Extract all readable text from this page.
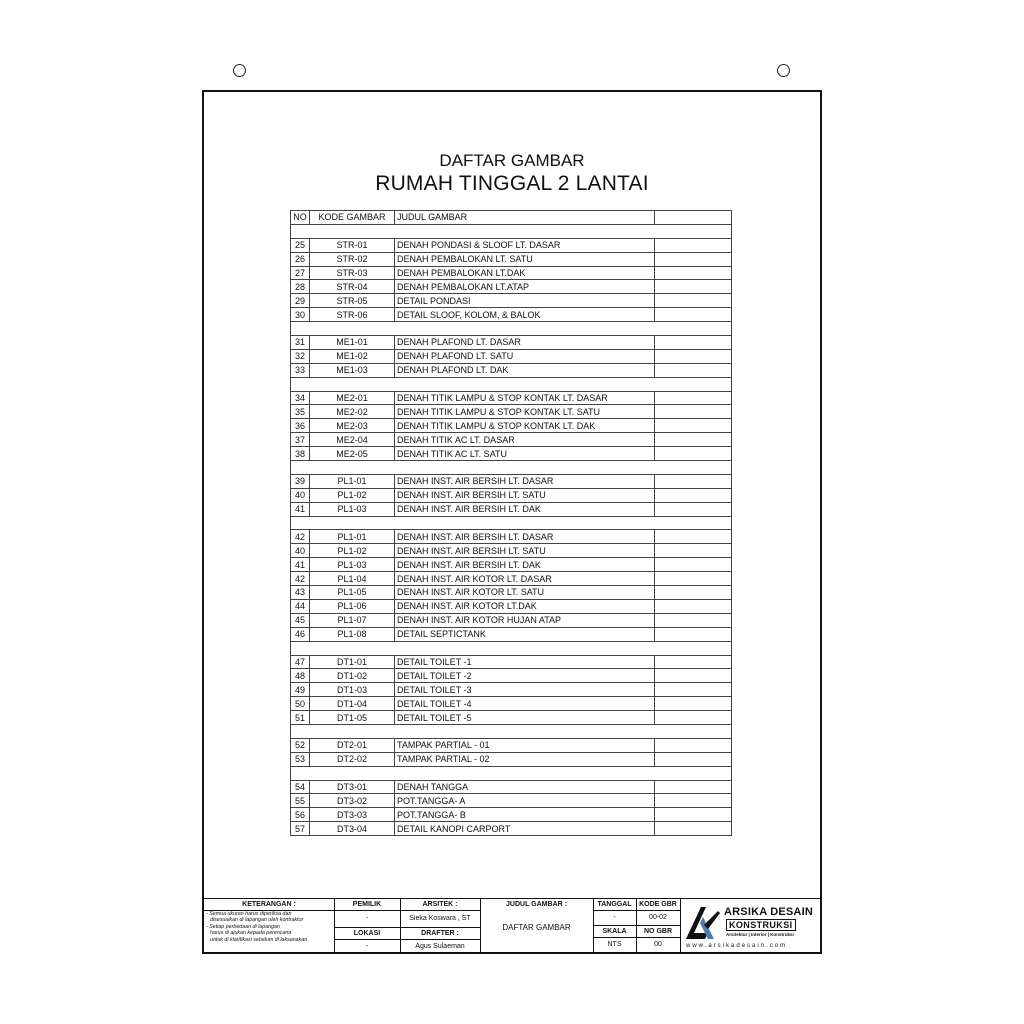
DAFTAR GAMBAR
RUMAH TINGGAL 2 LANTAI
NO	KODE GAMBAR	JUDUL GAMBAR	

25	STR-01	DENAH PONDASI & SLOOF LT. DASAR	
26	STR-02	DENAH PEMBALOKAN LT. SATU	
27	STR-03	DENAH PEMBALOKAN LT.DAK	
28	STR-04	DENAH PEMBALOKAN LT.ATAP	
29	STR-05	DETAIL PONDASI	
30	STR-06	DETAIL SLOOF, KOLOM, & BALOK	

31	ME1-01	DENAH PLAFOND LT. DASAR	
32	ME1-02	DENAH PLAFOND LT. SATU	
33	ME1-03	DENAH PLAFOND LT. DAK	

34	ME2-01	DENAH TITIK LAMPU & STOP KONTAK LT. DASAR	
35	ME2-02	DENAH TITIK LAMPU & STOP KONTAK LT. SATU	
36	ME2-03	DENAH TITIK LAMPU & STOP KONTAK LT. DAK	
37	ME2-04	DENAH TITIK AC LT. DASAR	
38	ME2-05	DENAH TITIK AC LT. SATU	

39	PL1-01	DENAH INST. AIR BERSIH LT. DASAR	
40	PL1-02	DENAH INST. AIR BERSIH LT. SATU	
41	PL1-03	DENAH INST. AIR BERSIH LT. DAK	

42	PL1-01	DENAH INST. AIR BERSIH LT. DASAR	
40	PL1-02	DENAH INST. AIR BERSIH LT. SATU	
41	PL1-03	DENAH INST. AIR BERSIH LT. DAK	
42	PL1-04	DENAH INST. AIR KOTOR LT. DASAR	
43	PL1-05	DENAH INST. AIR KOTOR LT. SATU	
44	PL1-06	DENAH INST. AIR KOTOR LT.DAK	
45	PL1-07	DENAH INST. AIR KOTOR HUJAN ATAP	
46	PL1-08	DETAIL SEPTICTANK	

47	DT1-01	DETAIL TOILET -1	
48	DT1-02	DETAIL TOILET -2	
49	DT1-03	DETAIL TOILET -3	
50	DT1-04	DETAIL TOILET -4	
51	DT1-05	DETAIL TOILET -5	

52	DT2-01	TAMPAK PARTIAL - 01	
53	DT2-02	TAMPAK PARTIAL - 02	

54	DT3-01	DENAH TANGGA	
55	DT3-02	POT.TANGGA- A	
56	DT3-03	POT.TANGGA- B	
57	DT3-04	DETAIL KANOPI CARPORT	
KETERANGAN :
- Semua ukuran harus diperiksa dan
disesuaikan di lapangan oleh kontraktor
- Setiap perbedaan di lapangan
harus di ajukan kepada perencana
untuk di klarifikasi sebelum di laksanakan
PEMILIK
-
LOKASI
-
ARSITEK :
Sieka Koswara , ST
DRAFTER :
Agus Sulaeman
JUDUL GAMBAR :
DAFTAR GAMBAR
TANGGAL
-
SKALA
NTS
KODE GBR
00-02
NO GBR
00
ARSIKA DESAIN
KONSTRUKSI
Arsitektur | Interior | Konstruksi
www.arsikadesain.com
